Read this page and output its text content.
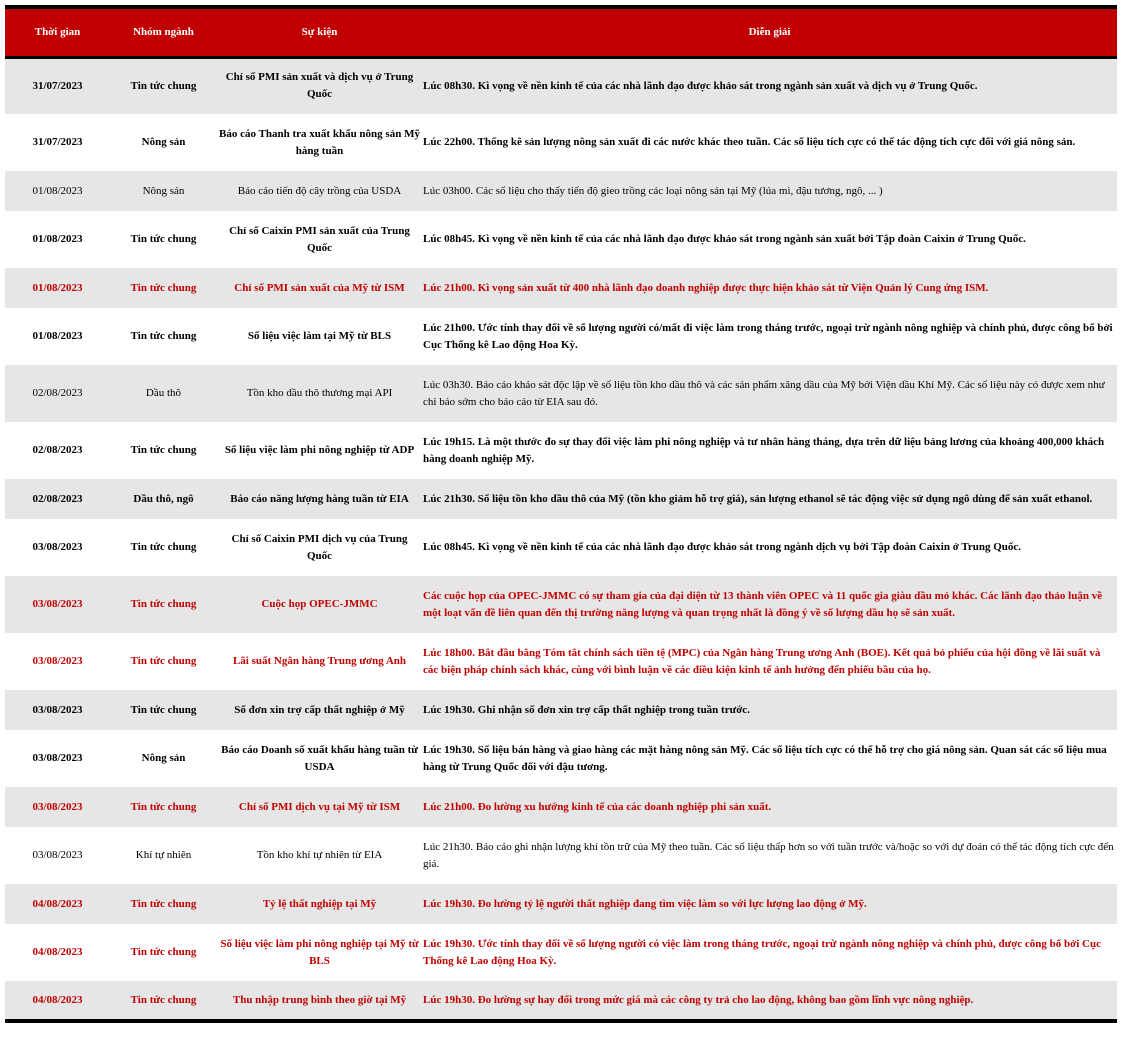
Thời gian	Nhóm ngành	Sự kiện	Diễn giải
31/07/2023	Tin tức chung	Chỉ số PMI sản xuất và dịch vụ ở Trung Quốc	Lúc 08h30. Kì vọng về nền kinh tế của các nhà lãnh đạo được khảo sát trong ngành sản xuất và dịch vụ ở Trung Quốc.
31/07/2023	Nông sản	Báo cáo Thanh tra xuất khẩu nông sản Mỹ hàng tuần	Lúc 22h00. Thống kê sản lượng nông sản xuất đi các nước khác theo tuần. Các số liệu tích cực có thể tác động tích cực đối với giá nông sản.
01/08/2023	Nông sản	Báo cáo tiến độ cây trồng của USDA	Lúc 03h00. Các số liệu cho thấy tiến độ gieo trồng các loại nông sản tại Mỹ (lúa mì, đậu tương, ngô, ... )
01/08/2023	Tin tức chung	Chỉ số Caixin PMI sản xuất của Trung Quốc	Lúc 08h45. Kì vọng về nền kinh tế của các nhà lãnh đạo được khảo sát trong ngành sản xuất bởi Tập đoàn Caixin ở Trung Quốc.
01/08/2023	Tin tức chung	Chỉ số PMI sản xuất của Mỹ từ ISM	Lúc 21h00. Kì vọng sản xuất từ 400 nhà lãnh đạo doanh nghiệp được thực hiện khảo sát từ Viện Quản lý Cung ứng ISM.
01/08/2023	Tin tức chung	Số liệu việc làm tại Mỹ từ BLS	Lúc 21h00. Ước tính thay đổi về số lượng người có/mất đi việc làm trong tháng trước, ngoại trừ ngành nông nghiệp và chính phủ, được công bố bởi Cục Thống kê Lao động Hoa Kỳ.
02/08/2023	Dầu thô	Tồn kho dầu thô thương mại API	Lúc 03h30. Báo cáo khảo sát độc lập về số liệu tồn kho dầu thô và các sản phẩm xăng dầu của Mỹ bởi Viện dầu Khí Mỹ. Các số liệu này có được xem như chỉ báo sớm cho báo cáo từ EIA sau đó.
02/08/2023	Tin tức chung	Số liệu việc làm phi nông nghiệp từ ADP	Lúc 19h15. Là một thước đo sự thay đổi việc làm phi nông nghiệp và tư nhân hàng tháng, dựa trên dữ liệu bảng lương của khoảng 400,000 khách hàng doanh nghiệp Mỹ.
02/08/2023	Dầu thô, ngô	Báo cáo năng lượng hàng tuần từ EIA	Lúc 21h30. Số liệu tồn kho dầu thô của Mỹ (tồn kho giảm hỗ trợ giá), sản lượng ethanol sẽ tác động việc sử dụng ngô dùng để sản xuất ethanol.
03/08/2023	Tin tức chung	Chỉ số Caixin PMI dịch vụ của Trung Quốc	Lúc 08h45. Kì vọng về nền kinh tế của các nhà lãnh đạo được khảo sát trong ngành dịch vụ bởi Tập đoàn Caixin ở Trung Quốc.
03/08/2023	Tin tức chung	Cuộc họp OPEC-JMMC	Các cuộc họp của OPEC-JMMC có sự tham gia của đại diện từ 13 thành viên OPEC và 11 quốc gia giàu dầu mỏ khác. Các lãnh đạo thảo luận về một loạt vấn đề liên quan đến thị trường năng lượng và quan trọng nhất là đồng ý về số lượng dầu họ sẽ sản xuất.
03/08/2023	Tin tức chung	Lãi suất Ngân hàng Trung ương Anh	Lúc 18h00. Bắt đầu bằng Tóm tắt chính sách tiền tệ (MPC) của Ngân hàng Trung ương Anh (BOE). Kết quả bỏ phiếu của hội đồng về lãi suất và các biện pháp chính sách khác, cùng với bình luận về các điều kiện kinh tế ảnh hưởng đến phiếu bầu của họ.
03/08/2023	Tin tức chung	Số đơn xin trợ cấp thất nghiệp ở Mỹ	Lúc 19h30. Ghi nhận số đơn xin trợ cấp thất nghiệp trong tuần trước.
03/08/2023	Nông sản	Báo cáo Doanh số xuất khẩu hàng tuần từ USDA	Lúc 19h30. Số liệu bán hàng và giao hàng các mặt hàng nông sản Mỹ. Các số liệu tích cực có thể hỗ trợ cho giá nông sản. Quan sát các số liệu mua hàng từ Trung Quốc đối với đậu tương.
03/08/2023	Tin tức chung	Chỉ số PMI dịch vụ tại Mỹ từ ISM	Lúc 21h00. Đo lường xu hướng kinh tế của các doanh nghiệp phi sản xuất.
03/08/2023	Khí tự nhiên	Tồn kho khí tự nhiên từ EIA	Lúc 21h30. Báo cáo ghi nhận lượng khí tồn trữ của Mỹ theo tuần. Các số liệu thấp hơn so với tuần trước và/hoặc so với dự đoán có thể tác động tích cực đến giá.
04/08/2023	Tin tức chung	Tỷ lệ thất nghiệp tại Mỹ	Lúc 19h30. Đo lường tỷ lệ người thất nghiệp đang tìm việc làm so với lực lượng lao động ở Mỹ.
04/08/2023	Tin tức chung	Số liệu việc làm phi nông nghiệp tại Mỹ từ BLS	Lúc 19h30. Ước tính thay đổi về số lượng người có việc làm trong tháng trước, ngoại trừ ngành nông nghiệp và chính phủ, được công bố bởi Cục Thống kê Lao động Hoa Kỳ.
04/08/2023	Tin tức chung	Thu nhập trung bình theo giờ tại Mỹ	Lúc 19h30. Đo lường sự hay đổi trong mức giá mà các công ty trả cho lao động, không bao gồm lĩnh vực nông nghiệp.
